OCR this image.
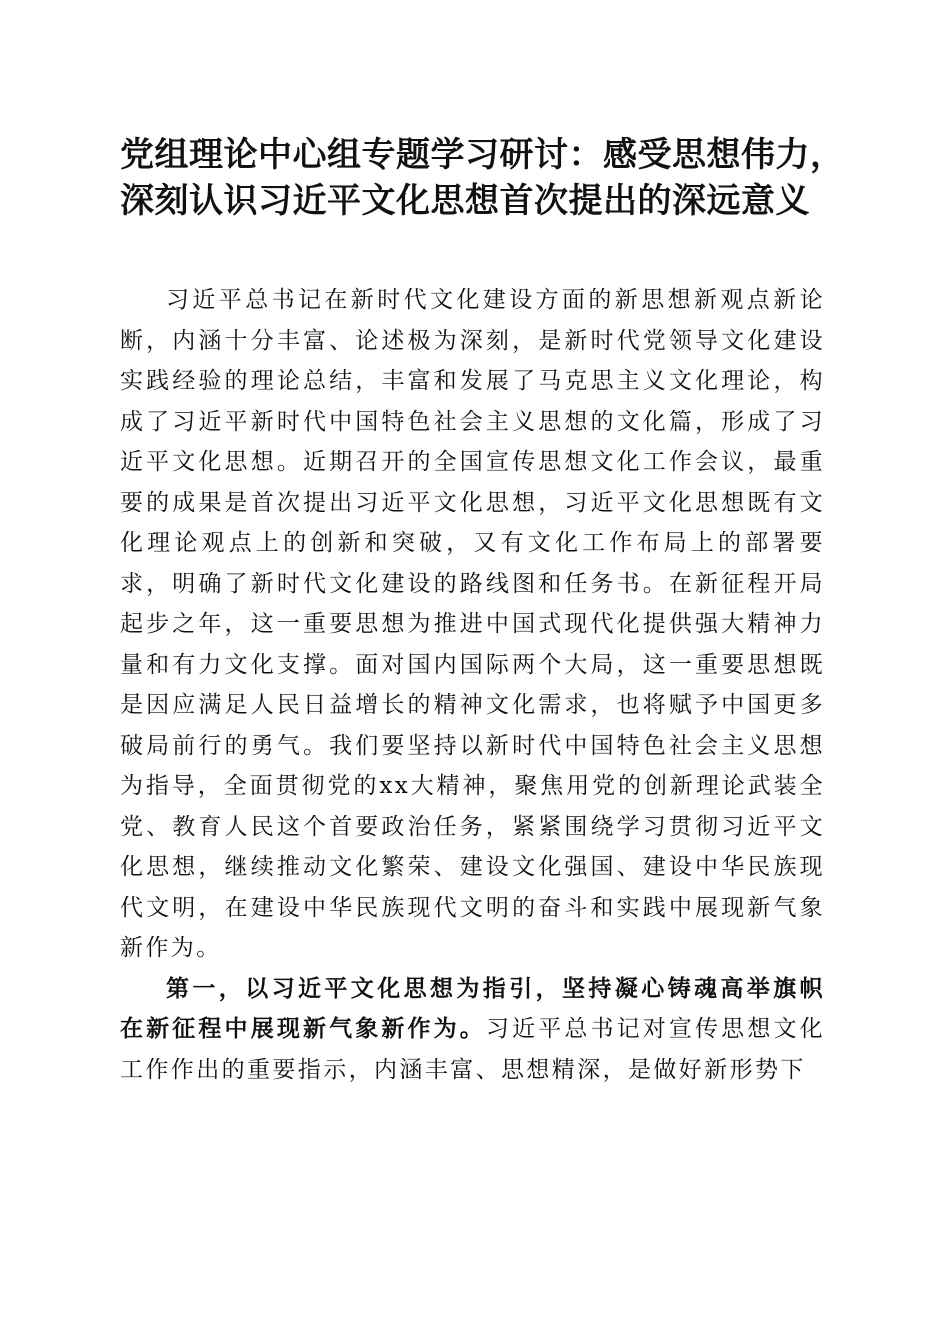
党组理论中心组专题学习研讨：感受思想伟力，
深刻认识习近平文化思想首次提出的深远意义

习近平总书记在新时代文化建设方面的新思想新观点新论断，内涵十分丰富、论述极为深刻，是新时代党领导文化建设实践经验的理论总结，丰富和发展了马克思主义文化理论，构成了习近平新时代中国特色社会主义思想的文化篇，形成了习近平文化思想。近期召开的全国宣传思想文化工作会议，最重要的成果是首次提出习近平文化思想，习近平文化思想既有文化理论观点上的创新和突破，又有文化工作布局上的部署要求，明确了新时代文化建设的路线图和任务书。在新征程开局起步之年，这一重要思想为推进中国式现代化提供强大精神力量和有力文化支撑。面对国内国际两个大局，这一重要思想既是因应满足人民日益增长的精神文化需求，也将赋予中国更多破局前行的勇气。我们要坚持以新时代中国特色社会主义思想为指导，全面贯彻党的xx大精神，聚焦用党的创新理论武装全党、教育人民这个首要政治任务，紧紧围绕学习贯彻习近平文化思想，继续推动文化繁荣、建设文化强国、建设中华民族现代文明，在建设中华民族现代文明的奋斗和实践中展现新气象新作为。

第一，以习近平文化思想为指引，坚持凝心铸魂高举旗帜在新征程中展现新气象新作为。习近平总书记对宣传思想文化工作作出的重要指示，内涵丰富、思想精深，是做好新形势下
